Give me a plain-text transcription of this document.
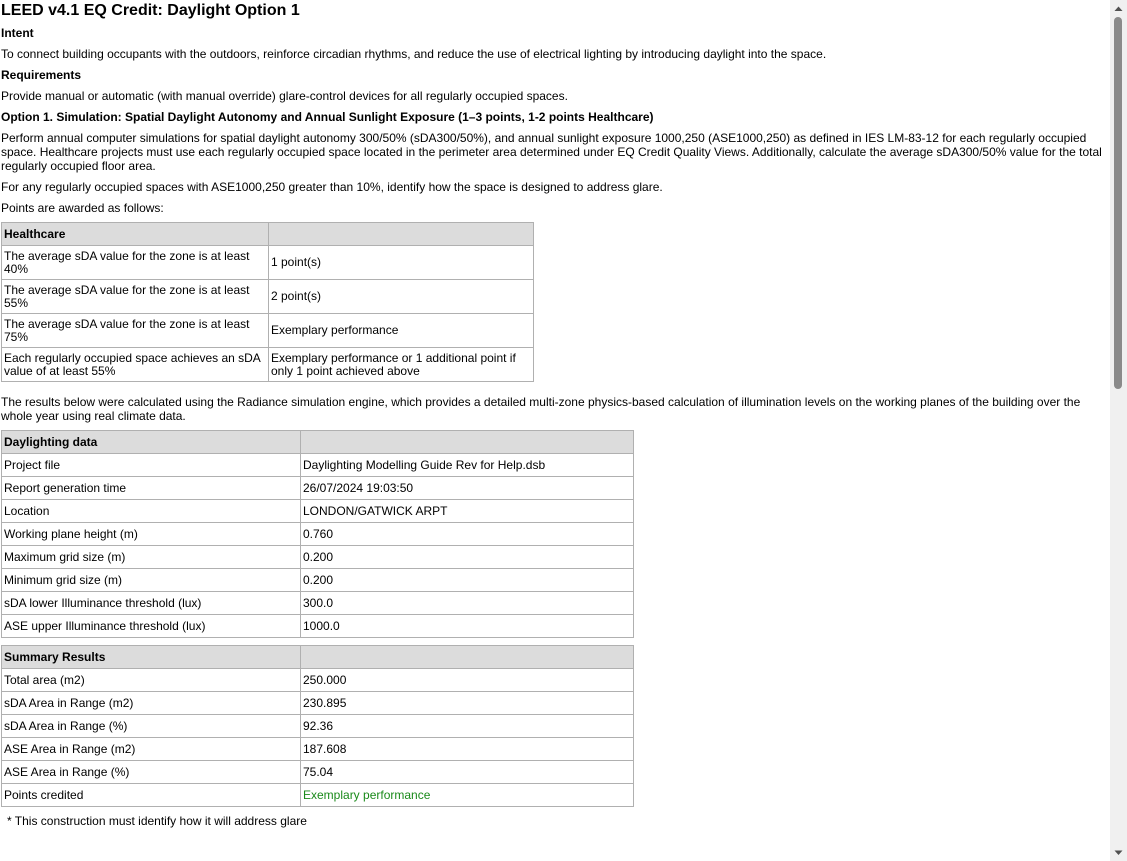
LEED v4.1 EQ Credit: Daylight Option 1
Intent

To connect building occupants with the outdoors, reinforce circadian rhythms, and reduce the use of electrical lighting by introducing daylight into the space.

Requirements

Provide manual or automatic (with manual override) glare-control devices for all regularly occupied spaces.

Option 1. Simulation: Spatial Daylight Autonomy and Annual Sunlight Exposure (1–3 points, 1-2 points Healthcare)

Perform annual computer simulations for spatial daylight autonomy 300/50% (sDA300/50%), and annual sunlight exposure 1000,250 (ASE1000,250) as defined in IES LM-83-12 for each regularly occupied space. Healthcare projects must use each regularly occupied space located in the perimeter area determined under EQ Credit Quality Views. Additionally, calculate the average sDA300/50% value for the total regularly occupied floor area.

For any regularly occupied spaces with ASE1000,250 greater than 10%, identify how the space is designed to address glare.

Points are awarded as follows:

Healthcare	
The average sDA value for the zone is at least 40%	1 point(s)
The average sDA value for the zone is at least 55%	2 point(s)
The average sDA value for the zone is at least 75%	Exemplary performance
Each regularly occupied space achieves an sDA value of at least 55%	Exemplary performance or 1 additional point if only 1 point achieved above

The results below were calculated using the Radiance simulation engine, which provides a detailed multi-zone physics-based calculation of illumination levels on the working planes of the building over the whole year using real climate data.

Daylighting data	
Project file	Daylighting Modelling Guide Rev for Help.dsb
Report generation time	26/07/2024 19:03:50
Location	LONDON/GATWICK ARPT
Working plane height (m)	0.760
Maximum grid size (m)	0.200
Minimum grid size (m)	0.200
sDA lower Illuminance threshold (lux)	300.0
ASE upper Illuminance threshold (lux)	1000.0
Summary Results	
Total area (m2)	250.000
sDA Area in Range (m2)	230.895
sDA Area in Range (%)	92.36
ASE Area in Range (m2)	187.608
ASE Area in Range (%)	75.04
Points credited	Exemplary performance

* This construction must identify how it will address glare
